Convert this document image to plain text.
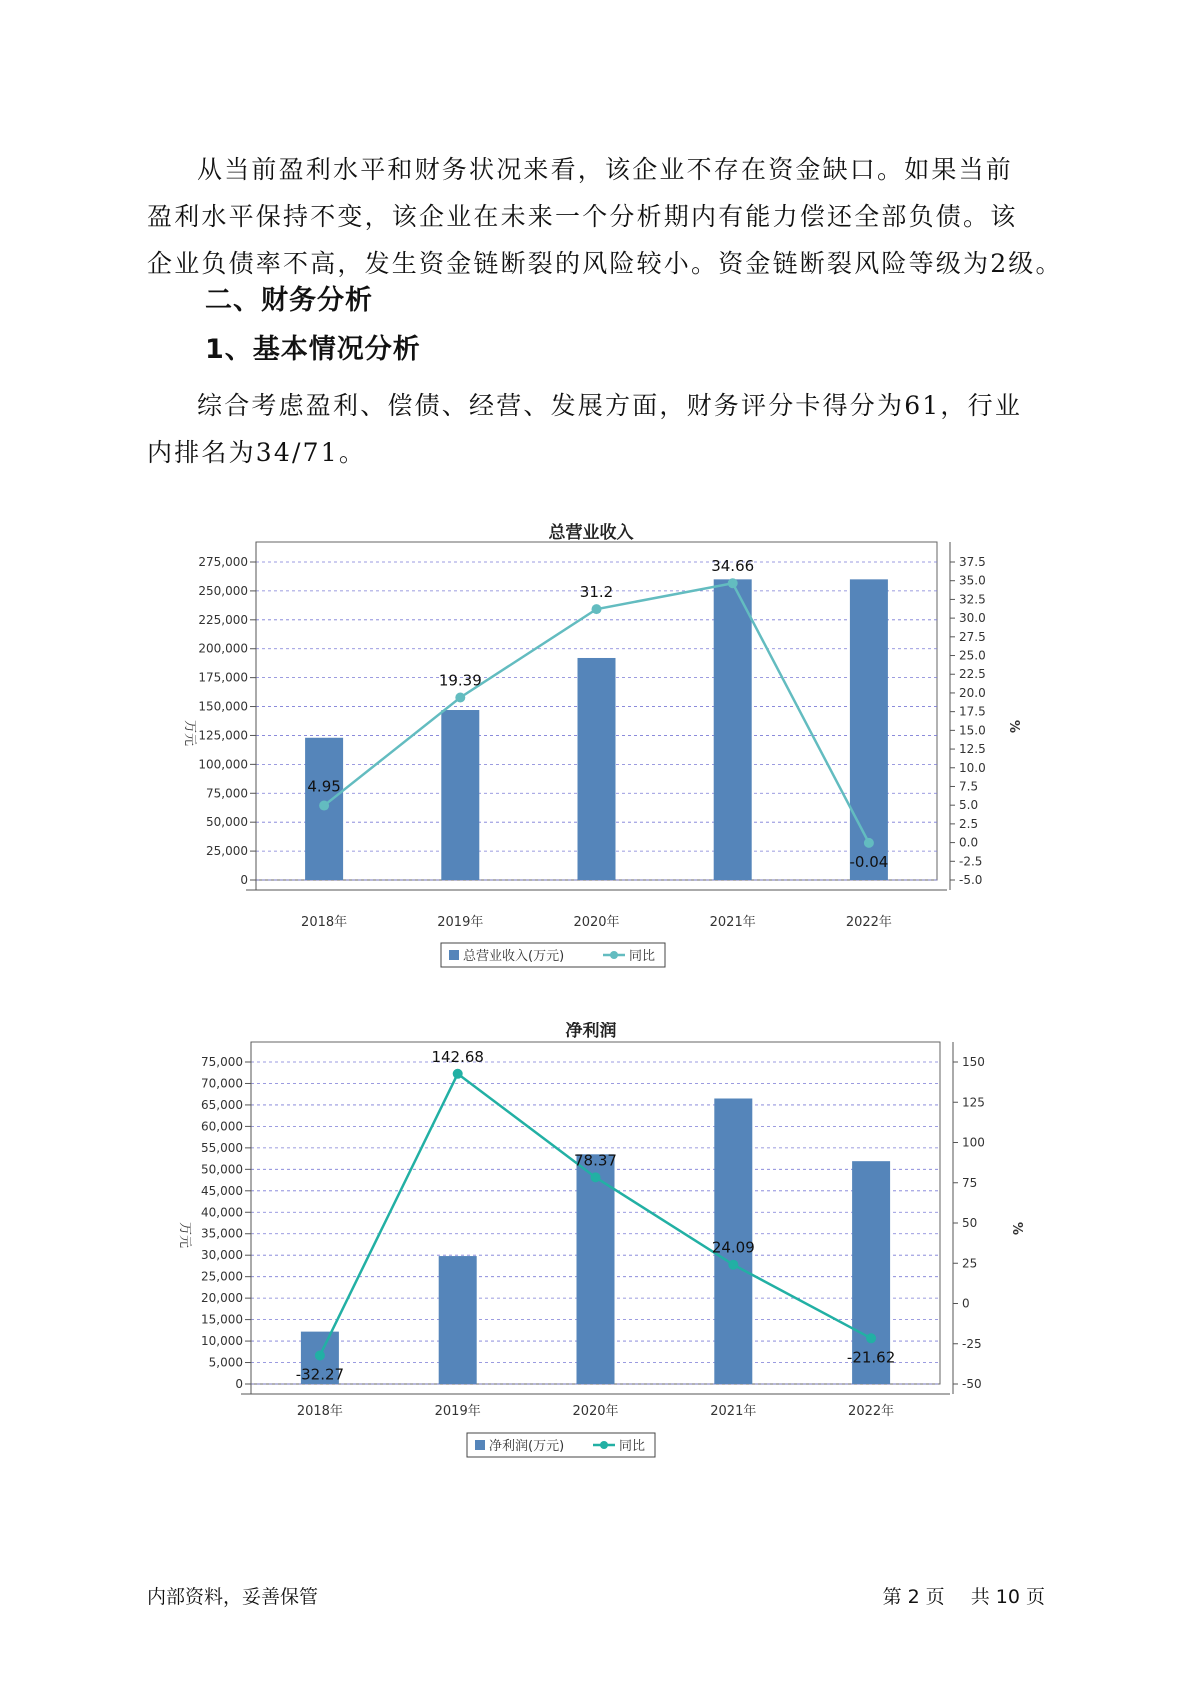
从当前盈利水平和财务状况来看，该企业不存在资金缺口。如果当前
盈利水平保持不变，该企业在未来一个分析期内有能力偿还全部负债。该
企业负债率不高，发生资金链断裂的风险较小。资金链断裂风险等级为2级。

二、财务分析
1、基本情况分析

综合考虑盈利、偿债、经营、发展方面，财务评分卡得分为61，行业
内排名为34/71。

总营业收入
0
25,000
50,000
75,000
100,000
125,000
150,000
175,000
200,000
225,000
250,000
275,000
万元
-5.0
-2.5
0.0
2.5
5.0
7.5
10.0
12.5
15.0
17.5
20.0
22.5
25.0
27.5
30.0
32.5
35.0
37.5
%
2018年	2019年	2020年	2021年	2022年
4.95
19.39
31.2
34.66
-0.04
总营业收入(万元)	同比
净利润
0
5,000
10,000
15,000
20,000
25,000
30,000
35,000
40,000
45,000
50,000
55,000
60,000
65,000
70,000
75,000
万元
-50
-25
0
25
50
75
100
125
150
%
2018年	2019年	2020年	2021年	2022年
-32.27
142.68
78.37
24.09
-21.62
净利润(万元)	同比
内部资料，妥善保管	第 2 页 共 10 页
